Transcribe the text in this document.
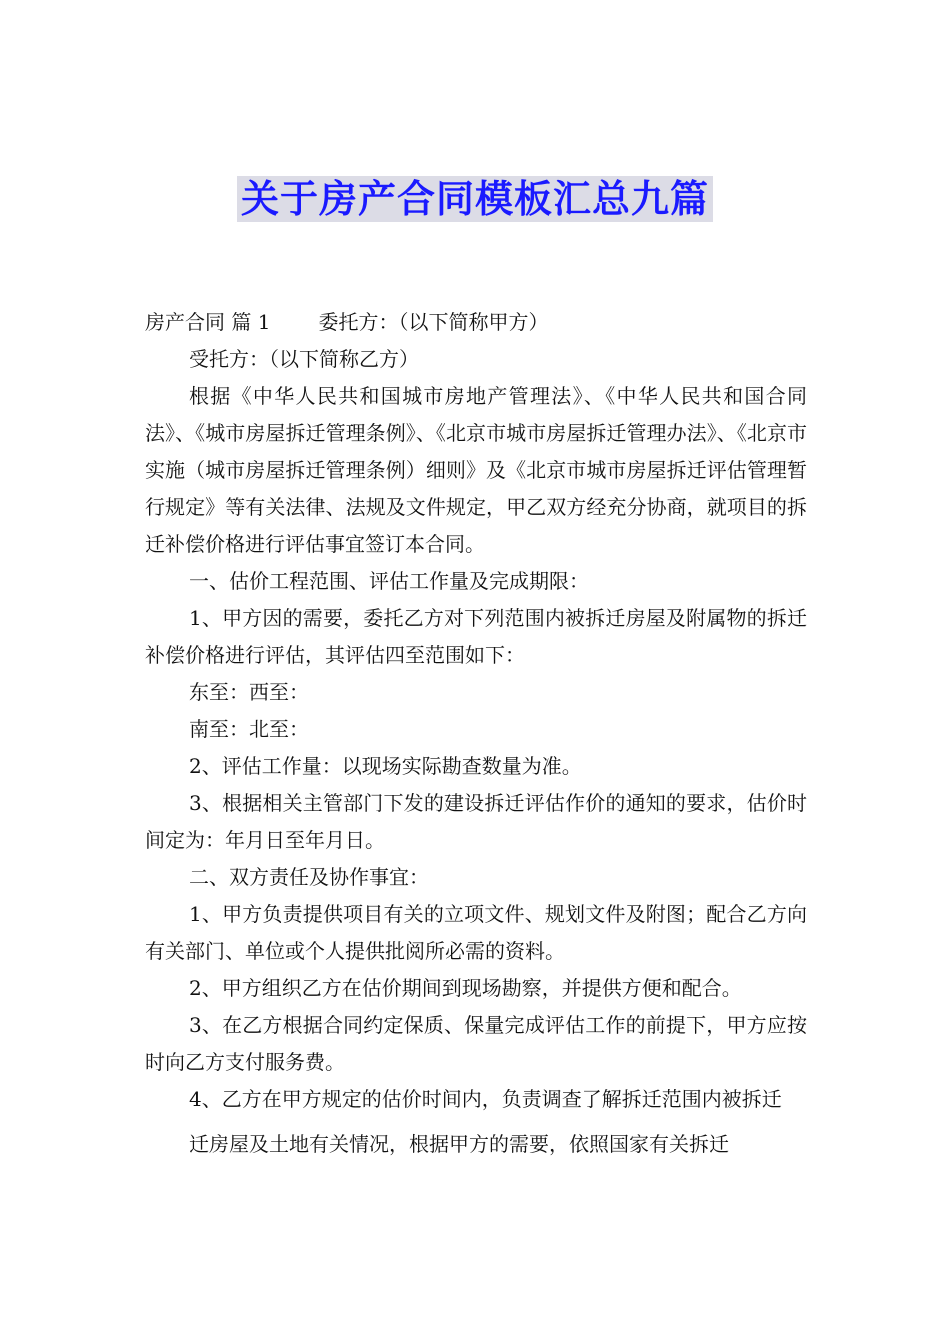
关于房产合同模板汇总九篇

房产合同 篇 1 委托方：（以下简称甲方）

受托方：（以下简称乙方）

根据《中华人民共和国城市房地产管理法》、《中华人民共和国合同法》、《城市房屋拆迁管理条例》、《北京市城市房屋拆迁管理办法》、《北京市实施（城市房屋拆迁管理条例）细则》及《北京市城市房屋拆迁评估管理暂行规定》等有关法律、法规及文件规定，甲乙双方经充分协商，就项目的拆迁补偿价格进行评估事宜签订本合同。

一、估价工程范围、评估工作量及完成期限：

1、甲方因的需要，委托乙方对下列范围内被拆迁房屋及附属物的拆迁补偿价格进行评估，其评估四至范围如下：

东至：西至：

南至：北至：

2、评估工作量：以现场实际勘查数量为准。

3、根据相关主管部门下发的建设拆迁评估作价的通知的要求，估价时间定为：年月日至年月日。

二、双方责任及协作事宜：

1、甲方负责提供项目有关的立项文件、规划文件及附图；配合乙方向有关部门、单位或个人提供批阅所必需的资料。

2、甲方组织乙方在估价期间到现场勘察，并提供方便和配合。

3、在乙方根据合同约定保质、保量完成评估工作的前提下，甲方应按时向乙方支付服务费。

4、乙方在甲方规定的估价时间内，负责调查了解拆迁范围内被拆迁

迁房屋及土地有关情况，根据甲方的需要，依照国家有关拆迁
